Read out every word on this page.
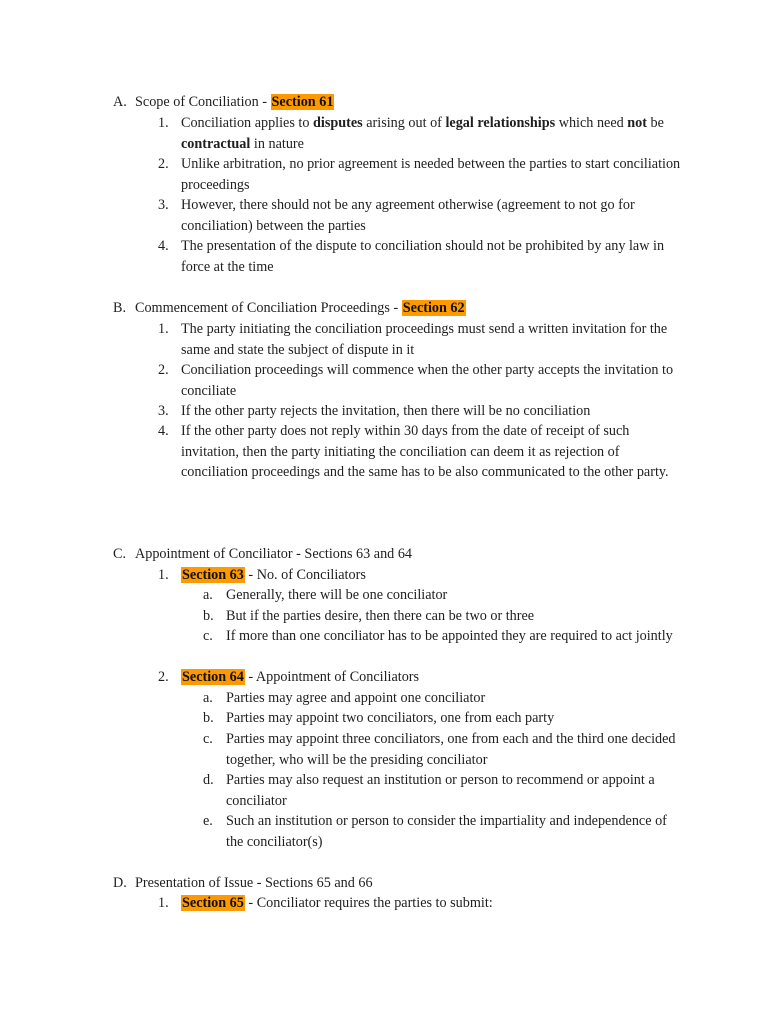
A. Scope of Conciliation - Section 61
1. Conciliation applies to disputes arising out of legal relationships which need not be contractual in nature
2. Unlike arbitration, no prior agreement is needed between the parties to start conciliation proceedings
3. However, there should not be any agreement otherwise (agreement to not go for conciliation) between the parties
4. The presentation of the dispute to conciliation should not be prohibited by any law in force at the time
B. Commencement of Conciliation Proceedings - Section 62
1. The party initiating the conciliation proceedings must send a written invitation for the same and state the subject of dispute in it
2. Conciliation proceedings will commence when the other party accepts the invitation to conciliate
3. If the other party rejects the invitation, then there will be no conciliation
4. If the other party does not reply within 30 days from the date of receipt of such invitation, then the party initiating the conciliation can deem it as rejection of conciliation proceedings and the same has to be also communicated to the other party.
C. Appointment of Conciliator - Sections 63 and 64
1. Section 63 - No. of Conciliators
a. Generally, there will be one conciliator
b. But if the parties desire, then there can be two or three
c. If more than one conciliator has to be appointed they are required to act jointly
2. Section 64 - Appointment of Conciliators
a. Parties may agree and appoint one conciliator
b. Parties may appoint two conciliators, one from each party
c. Parties may appoint three conciliators, one from each and the third one decided together, who will be the presiding conciliator
d. Parties may also request an institution or person to recommend or appoint a conciliator
e. Such an institution or person to consider the impartiality and independence of the conciliator(s)
D. Presentation of Issue - Sections 65 and 66
1. Section 65 - Conciliator requires the parties to submit:
